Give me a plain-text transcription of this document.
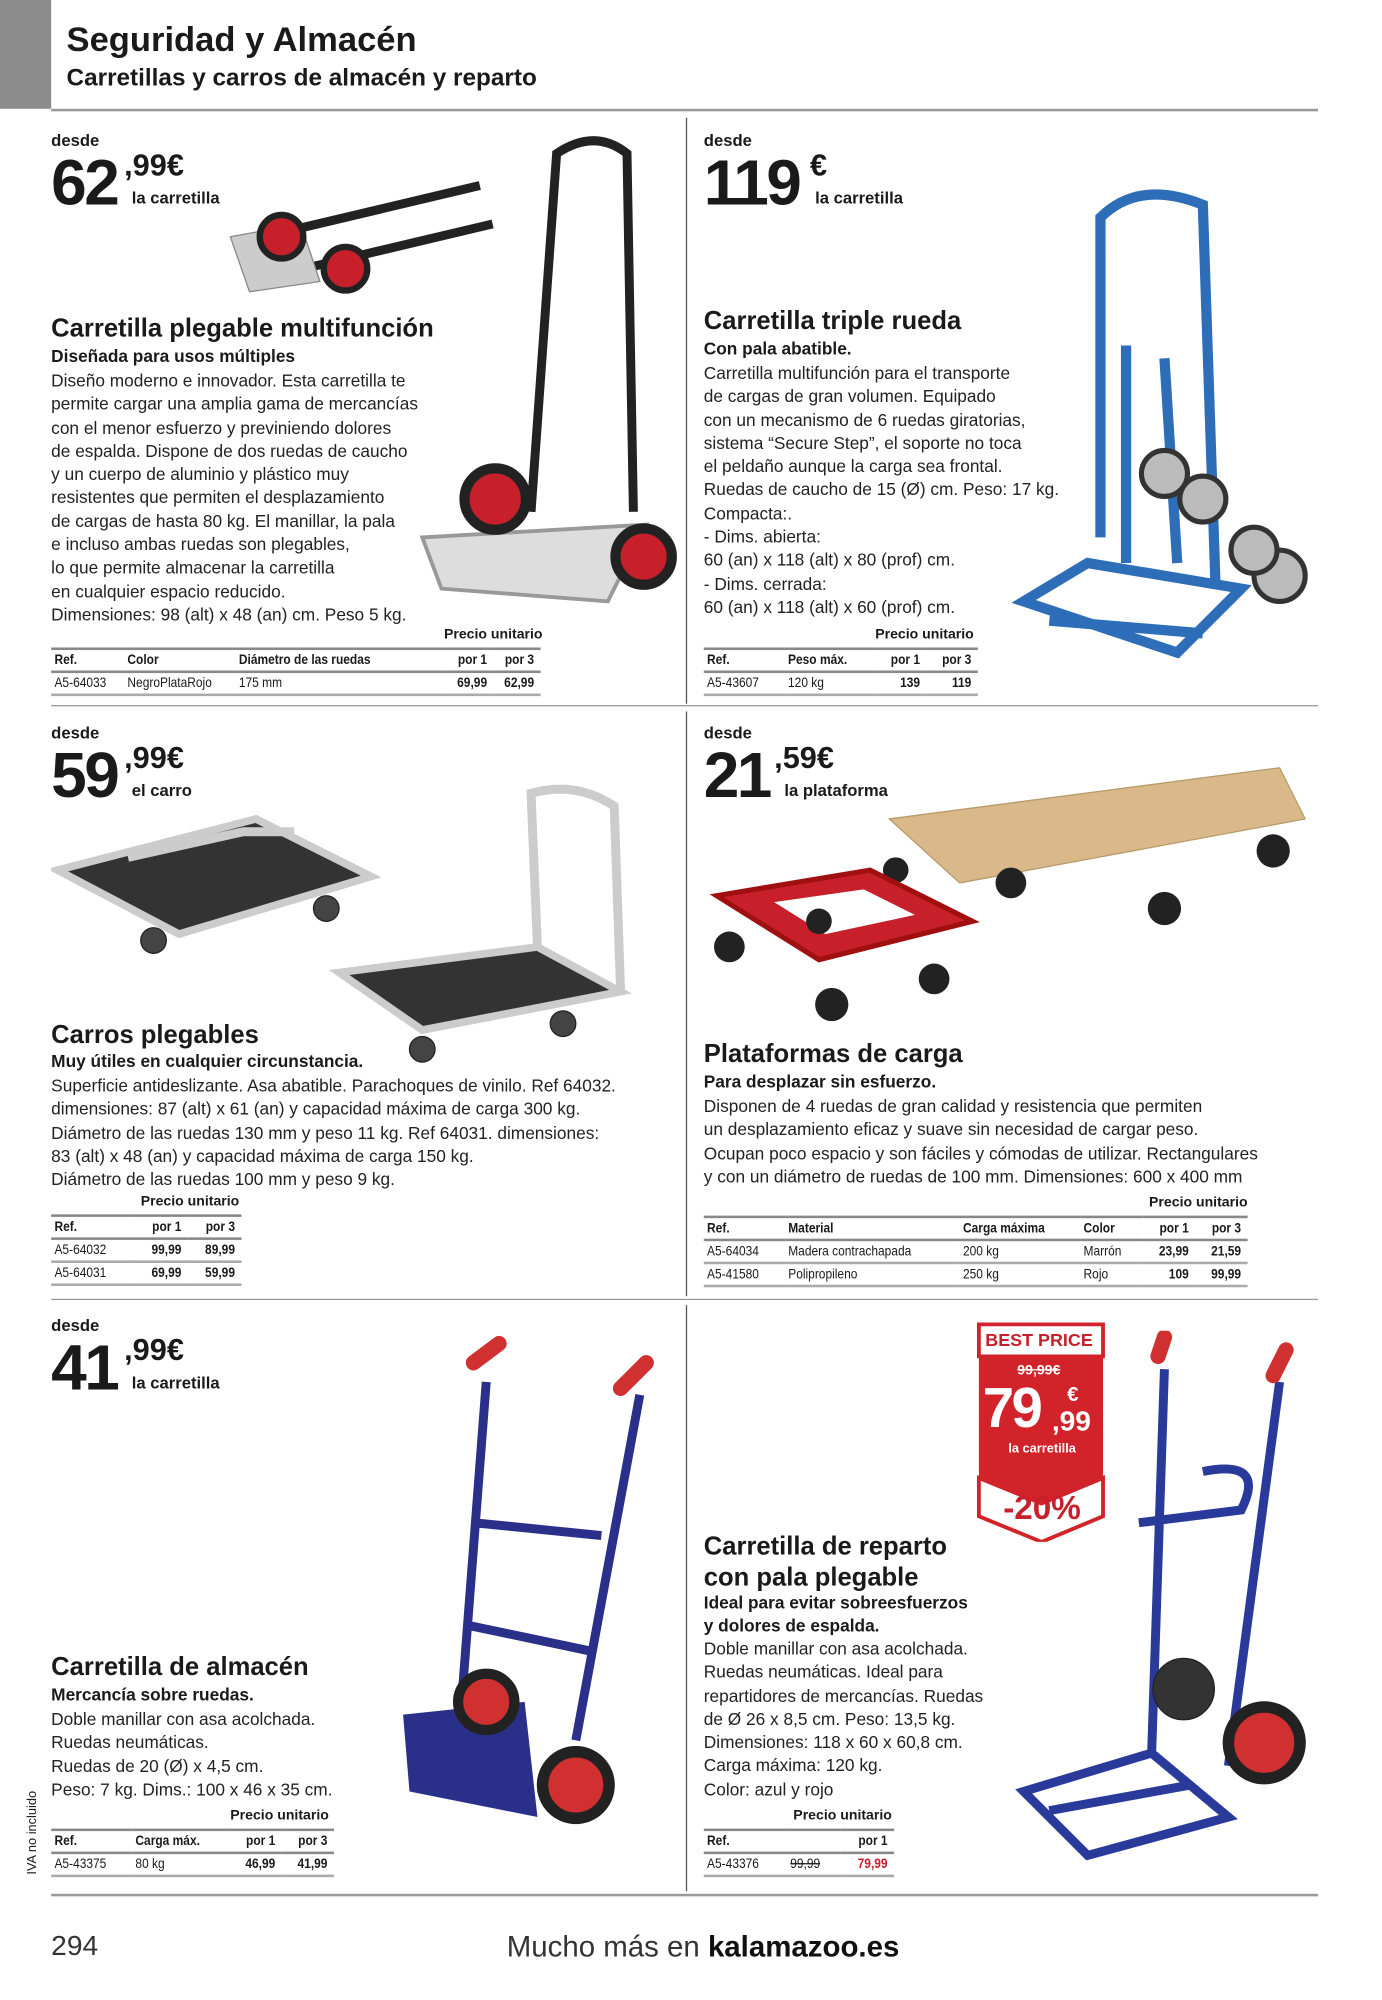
Seguridad y Almacén
Carretillas y carros de almacén y reparto
desde
62 ,99€
la carretilla
Carretilla plegable multifunción
Diseñada para usos múltiples
Diseño moderno e innovador. Esta carretilla te
permite cargar una amplia gama de mercancías
con el menor esfuerzo y previniendo dolores
de espalda. Dispone de dos ruedas de caucho
y un cuerpo de aluminio y plástico muy
resistentes que permiten el desplazamiento
de cargas de hasta 80 kg. El manillar, la pala
e incluso ambas ruedas son plegables,
lo que permite almacenar la carretilla
en cualquier espacio reducido.
Dimensiones: 98 (alt) x 48 (an) cm. Peso 5 kg.
Precio unitario
Ref.	Color	Diámetro de las ruedas	por 1	por 3
A5-64033	NegroPlataRojo	175 mm	69,99	62,99
desde
119 €
la carretilla
Carretilla triple rueda
Con pala abatible.
Carretilla multifunción para el transporte
de cargas de gran volumen. Equipado
con un mecanismo de 6 ruedas giratorias,
sistema “Secure Step”, el soporte no toca
el peldaño aunque la carga sea frontal.
Ruedas de caucho de 15 (Ø) cm. Peso: 17 kg.
Compacta:.
- Dims. abierta:
60 (an) x 118 (alt) x 80 (prof) cm.
- Dims. cerrada:
60 (an) x 118 (alt) x 60 (prof) cm.
Precio unitario
Ref.	Peso máx.	por 1	por 3
A5-43607	120 kg	139	119
desde
59 ,99€
el carro
Carros plegables
Muy útiles en cualquier circunstancia.
Superficie antideslizante. Asa abatible. Parachoques de vinilo. Ref 64032.
dimensiones: 87 (alt) x 61 (an) y capacidad máxima de carga 300 kg.
Diámetro de las ruedas 130 mm y peso 11 kg. Ref 64031. dimensiones:
83 (alt) x 48 (an) y capacidad máxima de carga 150 kg.
Diámetro de las ruedas 100 mm y peso 9 kg.
Precio unitario
Ref.	por 1	por 3
A5-64032	99,99	89,99
A5-64031	69,99	59,99
desde
21 ,59€
la plataforma
Plataformas de carga
Para desplazar sin esfuerzo.
Disponen de 4 ruedas de gran calidad y resistencia que permiten
un desplazamiento eficaz y suave sin necesidad de cargar peso.
Ocupan poco espacio y son fáciles y cómodas de utilizar. Rectangulares
y con un diámetro de ruedas de 100 mm. Dimensiones: 600 x 400 mm
Precio unitario
Ref.	Material	Carga máxima	Color	por 1	por 3
A5-64034	Madera contrachapada	200 kg	Marrón	23,99	21,59
A5-41580	Polipropileno	250 kg	Rojo	109	99,99
desde
41 ,99€
la carretilla
Carretilla de almacén
Mercancía sobre ruedas.
Doble manillar con asa acolchada.
Ruedas neumáticas.
Ruedas de 20 (Ø) x 4,5 cm.
Peso: 7 kg. Dims.: 100 x 46 x 35 cm.
Precio unitario
Ref.	Carga máx.	por 1	por 3
A5-43375	80 kg	46,99	41,99
BEST PRICE
99,99€
79 €
,99
la carretilla
-20%
Carretilla de reparto
con pala plegable
Ideal para evitar sobreesfuerzos
y dolores de espalda.
Doble manillar con asa acolchada.
Ruedas neumáticas. Ideal para
repartidores de mercancías. Ruedas
de Ø 26 x 8,5 cm. Peso: 13,5 kg.
Dimensiones: 118 x 60 x 60,8 cm.
Carga máxima: 120 kg.
Color: azul y rojo
Precio unitario
Ref.		por 1
A5-43376	99,99	79,99
IVA no incluido
294	Mucho más en kalamazoo.es
